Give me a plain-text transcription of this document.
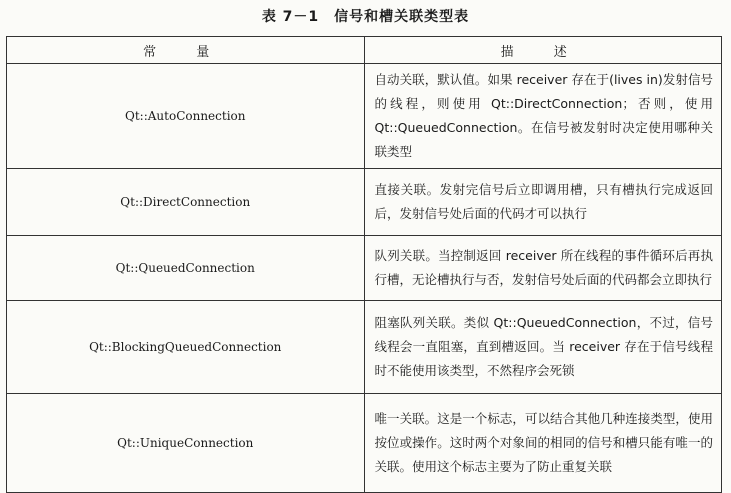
表 7－1　信号和槽关联类型表
常 量	描 述
Qt::AutoConnection	自动关联，默认值。如果 receiver 存在于(lives in)发射信号的线程，则使用 Qt::DirectConnection；否则，使用 Qt::QueuedConnection。在信号被发射时决定使用哪种关联类型
Qt::DirectConnection	直接关联。发射完信号后立即调用槽，只有槽执行完成返回后，发射信号处后面的代码才可以执行
Qt::QueuedConnection	队列关联。当控制返回 receiver 所在线程的事件循环后再执行槽，无论槽执行与否，发射信号处后面的代码都会立即执行
Qt::BlockingQueuedConnection	阻塞队列关联。类似 Qt::QueuedConnection，不过，信号线程会一直阻塞，直到槽返回。当 receiver 存在于信号线程时不能使用该类型，不然程序会死锁
Qt::UniqueConnection	唯一关联。这是一个标志，可以结合其他几种连接类型，使用按位或操作。这时两个对象间的相同的信号和槽只能有唯一的关联。使用这个标志主要为了防止重复关联
